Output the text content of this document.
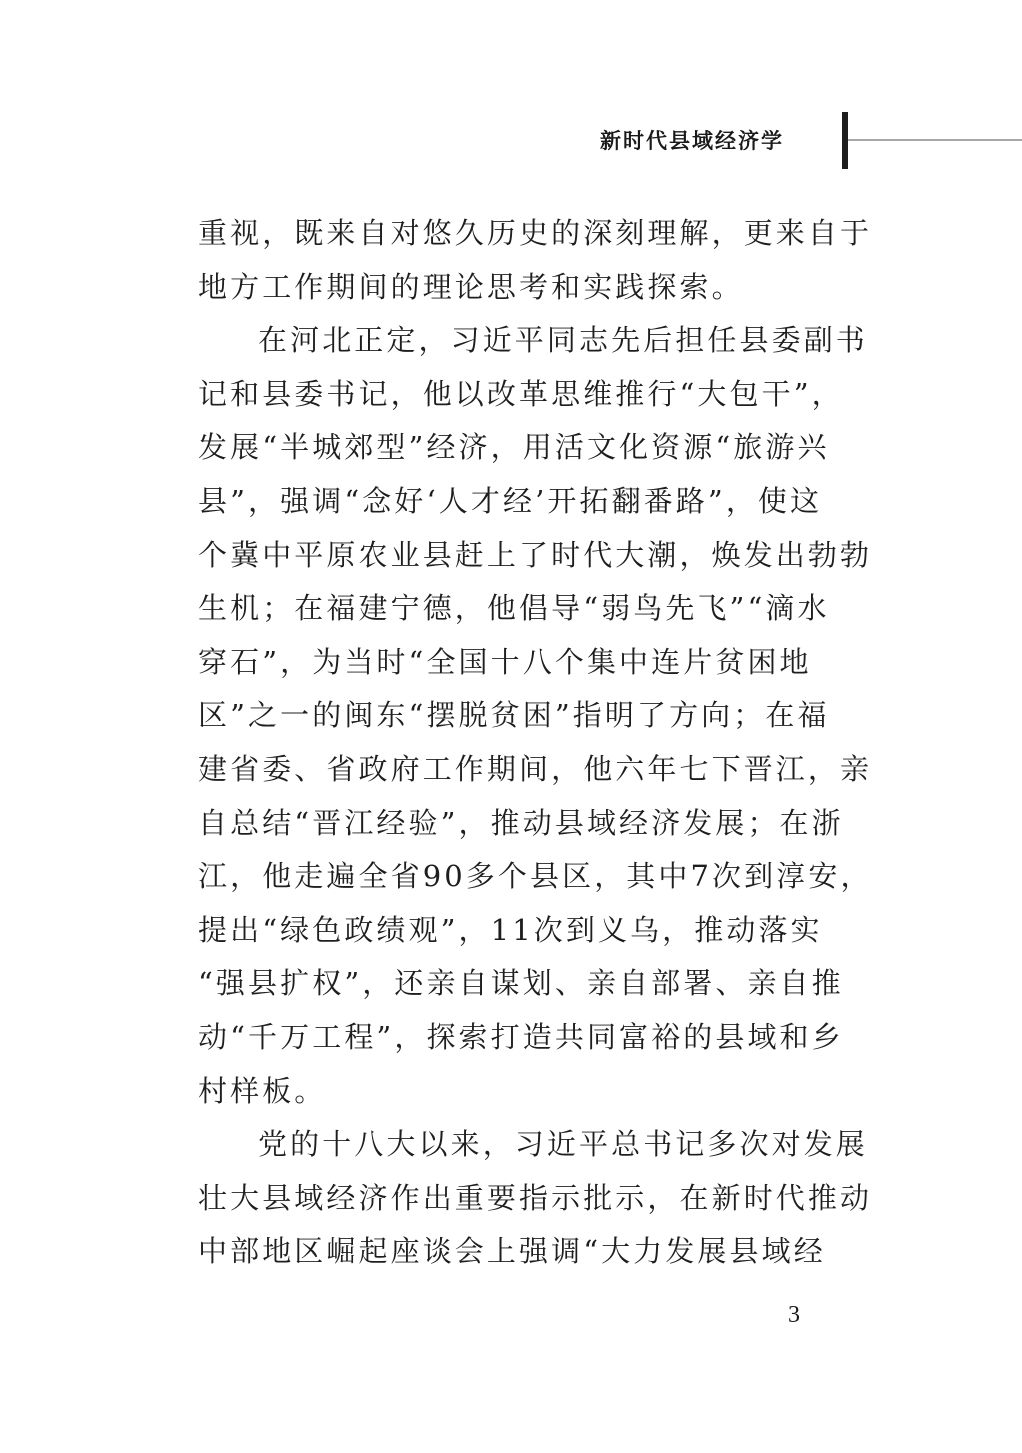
新时代县域经济学
重视，既来自对悠久历史的深刻理解，更来自于
地方工作期间的理论思考和实践探索。
在河北正定，习近平同志先后担任县委副书
记和县委书记，他以改革思维推行“大包干”，
发展“半城郊型”经济，用活文化资源“旅游兴
县”，强调“念好‘人才经’开拓翻番路”，使这
个冀中平原农业县赶上了时代大潮，焕发出勃勃
生机；在福建宁德，他倡导“弱鸟先飞”“滴水
穿石”，为当时“全国十八个集中连片贫困地
区”之一的闽东“摆脱贫困”指明了方向；在福
建省委、省政府工作期间，他六年七下晋江，亲
自总结“晋江经验”，推动县域经济发展；在浙
江，他走遍全省90多个县区，其中7次到淳安，
提出“绿色政绩观”，11次到义乌，推动落实
“强县扩权”，还亲自谋划、亲自部署、亲自推
动“千万工程”，探索打造共同富裕的县域和乡
村样板。
党的十八大以来，习近平总书记多次对发展
壮大县域经济作出重要指示批示，在新时代推动
中部地区崛起座谈会上强调“大力发展县域经
3
